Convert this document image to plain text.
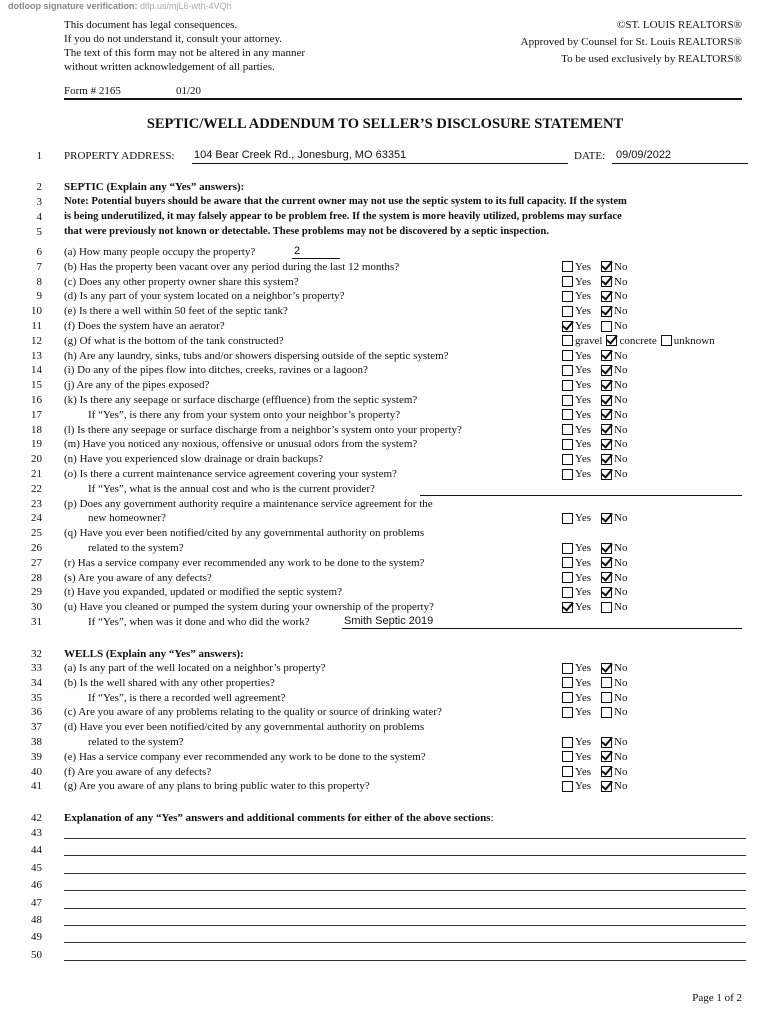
dotloop signature verification: dtlp.us/mjL6-wth-4VQh
This document has legal consequences.
If you do not understand it, consult your attorney.
The text of this form may not be altered in any manner
without written acknowledgement of all parties.
©ST. LOUIS REALTORS®
Approved by Counsel for St. Louis REALTORS®
To be used exclusively by REALTORS®
Form # 2165	01/20
SEPTIC/WELL ADDENDUM TO SELLER’S DISCLOSURE STATEMENT
1 PROPERTY ADDRESS: 104 Bear Creek Rd., Jonesburg, MO 63351	DATE: 09/09/2022
2 SEPTIC (Explain any “Yes” answers):
3 Note: Potential buyers should be aware that the current owner may not use the septic system to its full capacity. If the system
4 is being underutilized, it may falsely appear to be problem free. If the system is more heavily utilized, problems may surface
5 that were previously not known or detectable. These problems may not be discovered by a septic inspection.
6 (a) How many people occupy the property?	2
7 (b) Has the property been vacant over any period during the last 12 months?	Yes No
8 (c) Does any other property owner share this system?	Yes No
9 (d) Is any part of your system located on a neighbor’s property?	Yes No
10 (e) Is there a well within 50 feet of the septic tank?	Yes No
11 (f) Does the system have an aerator?	Yes No
12 (g) Of what is the bottom of the tank constructed?	gravel concrete unknown
13 (h) Are any laundry, sinks, tubs and/or showers dispersing outside of the septic system?	Yes No
14 (i) Do any of the pipes flow into ditches, creeks, ravines or a lagoon?	Yes No
15 (j) Are any of the pipes exposed?	Yes No
16 (k) Is there any seepage or surface discharge (effluence) from the septic system?	Yes No
17	If “Yes”, is there any from your system onto your neighbor’s property?	Yes No
18 (l) Is there any seepage or surface discharge from a neighbor’s system onto your property?	Yes No
19 (m) Have you noticed any noxious, offensive or unusual odors from the system?	Yes No
20 (n) Have you experienced slow drainage or drain backups?	Yes No
21 (o) Is there a current maintenance service agreement covering your system?	Yes No
22	If “Yes”, what is the annual cost and who is the current provider?
23 (p) Does any government authority require a maintenance service agreement for the
24	new homeowner?	Yes No
25 (q) Have you ever been notified/cited by any governmental authority on problems
26	related to the system?	Yes No
27 (r) Has a service company ever recommended any work to be done to the system?	Yes No
28 (s) Are you aware of any defects?	Yes No
29 (t) Have you expanded, updated or modified the septic system?	Yes No
30 (u) Have you cleaned or pumped the system during your ownership of the property?	Yes No
31	If “Yes”, when was it done and who did the work?	Smith Septic 2019
32 WELLS (Explain any “Yes” answers):
33 (a) Is any part of the well located on a neighbor’s property?	Yes No
34 (b) Is the well shared with any other properties?	Yes No
35	If “Yes”, is there a recorded well agreement?	Yes No
36 (c) Are you aware of any problems relating to the quality or source of drinking water?	Yes No
37 (d) Have you ever been notified/cited by any governmental authority on problems
38	related to the system?	Yes No
39 (e) Has a service company ever recommended any work to be done to the system?	Yes No
40 (f) Are you aware of any defects?	Yes No
41 (g) Are you aware of any plans to bring public water to this property?	Yes No
42 Explanation of any “Yes” answers and additional comments for either of the above sections:
43
44
45
46
47
48
49
50
Page 1 of 2
